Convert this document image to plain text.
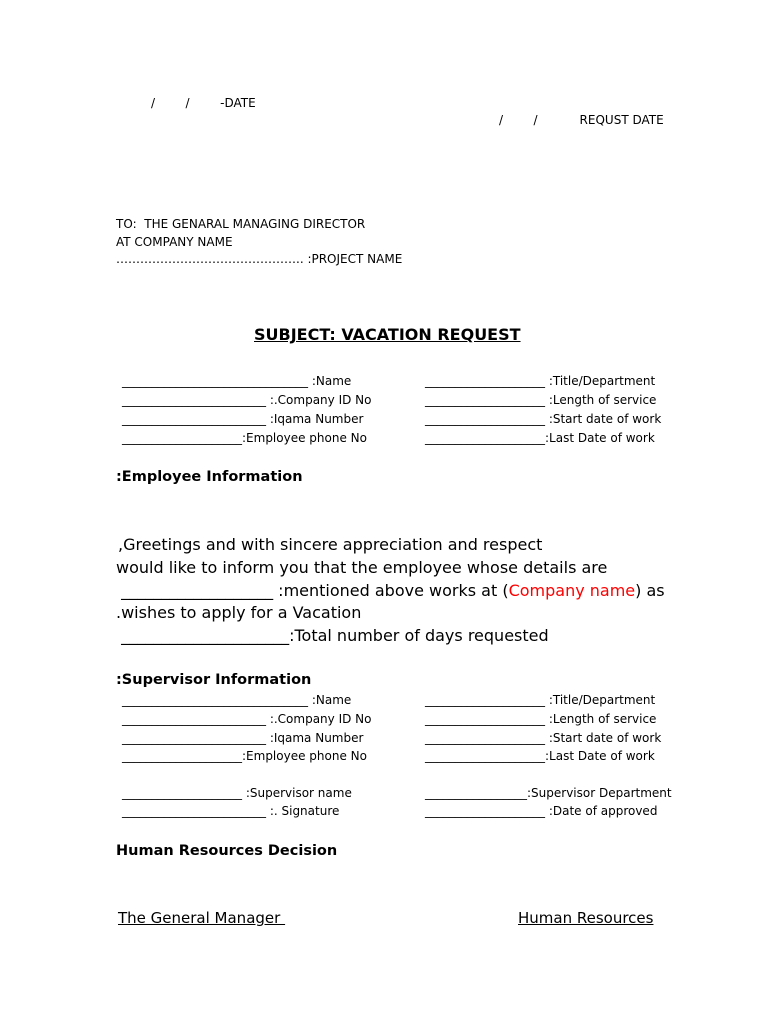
/        /        -DATE
/        /           REQUST DATE
TO:  THE GENARAL MANAGING DIRECTOR
AT COMPANY NAME
……………………………………….. :PROJECT NAME
SUBJECT: VACATION REQUEST
_______________________________ :Name
________________________ :.Company ID No
________________________ :Iqama Number
____________________:Employee phone No
____________________ :Title/Department
____________________ :Length of service
____________________ :Start date of work
____________________:Last Date of work
:Employee Information
,Greetings and with sincere appreciation and respect
would like to inform you that the employee whose details are
___________________ :mentioned above works at (Company name) as
.wishes to apply for a Vacation
_____________________:Total number of days requested
:Supervisor Information
_______________________________ :Name
________________________ :.Company ID No
________________________ :Iqama Number
____________________:Employee phone No
____________________ :Supervisor name
________________________ :. Signature
____________________ :Title/Department
____________________ :Length of service
____________________ :Start date of work
____________________:Last Date of work
_________________:Supervisor Department
____________________ :Date of approved
Human Resources Decision
The General Manager	Human Resources
